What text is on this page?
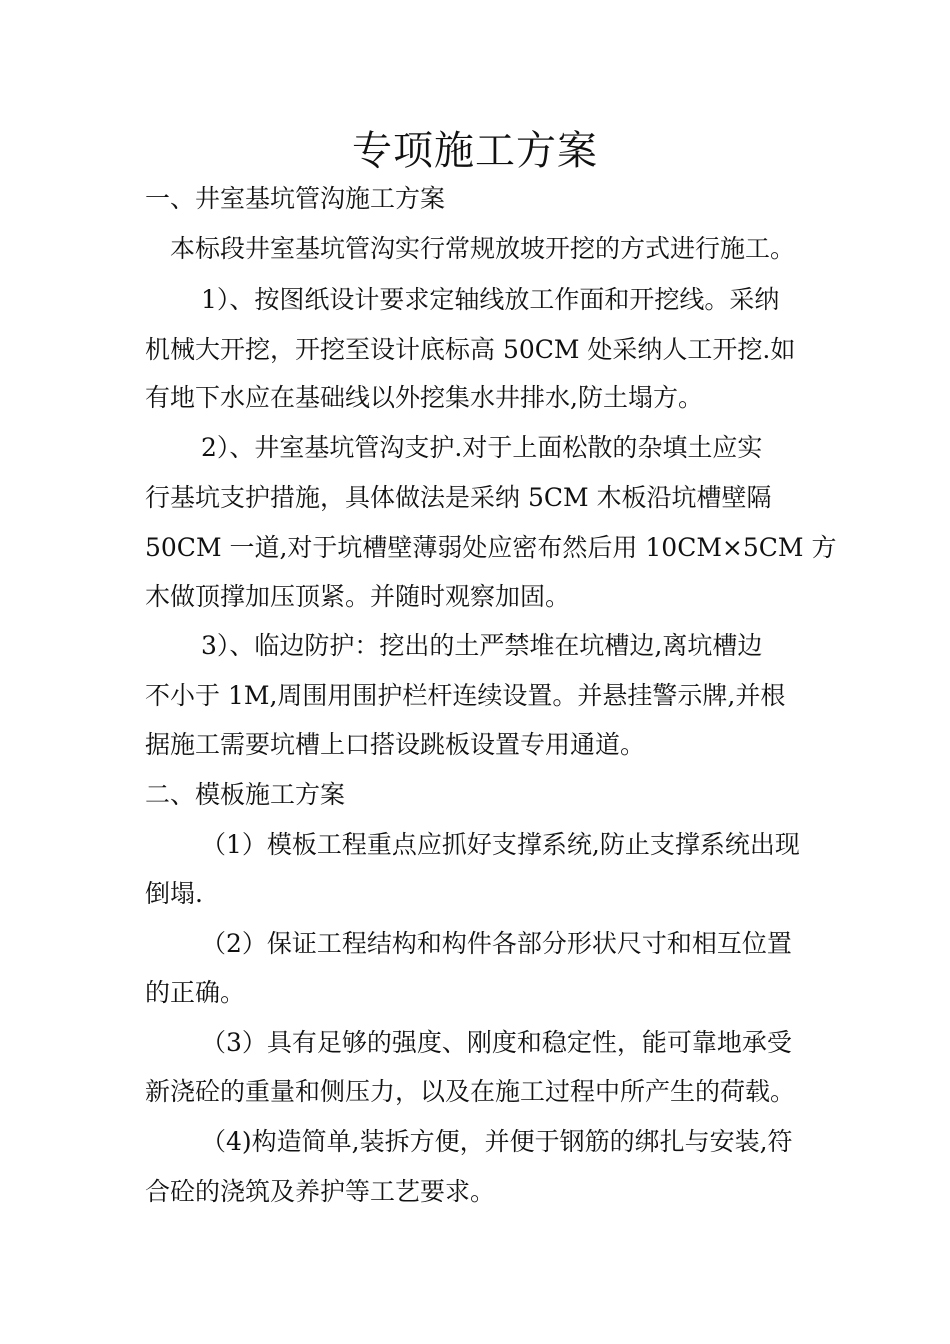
专项施工方案

一、井室基坑管沟施工方案

本标段井室基坑管沟实行常规放坡开挖的方式进行施工。

1）、按图纸设计要求定轴线放工作面和开挖线。采纳

机械大开挖，开挖至设计底标高 50CM 处采纳人工开挖.如

有地下水应在基础线以外挖集水井排水,防土塌方。

2）、井室基坑管沟支护.对于上面松散的杂填土应实

行基坑支护措施，具体做法是采纳 5CM 木板沿坑槽壁隔

50CM 一道,对于坑槽壁薄弱处应密布然后用 10CM×5CM 方

木做顶撑加压顶紧。并随时观察加固。

3）、临边防护：挖出的土严禁堆在坑槽边,离坑槽边

不小于 1M,周围用围护栏杆连续设置。并悬挂警示牌,并根

据施工需要坑槽上口搭设跳板设置专用通道。

二、模板施工方案

（1）模板工程重点应抓好支撑系统,防止支撑系统出现

倒塌.

（2）保证工程结构和构件各部分形状尺寸和相互位置

的正确。

（3）具有足够的强度、刚度和稳定性，能可靠地承受

新浇砼的重量和侧压力，以及在施工过程中所产生的荷载。

（4)构造简单,装拆方便，并便于钢筋的绑扎与安装,符

合砼的浇筑及养护等工艺要求。
